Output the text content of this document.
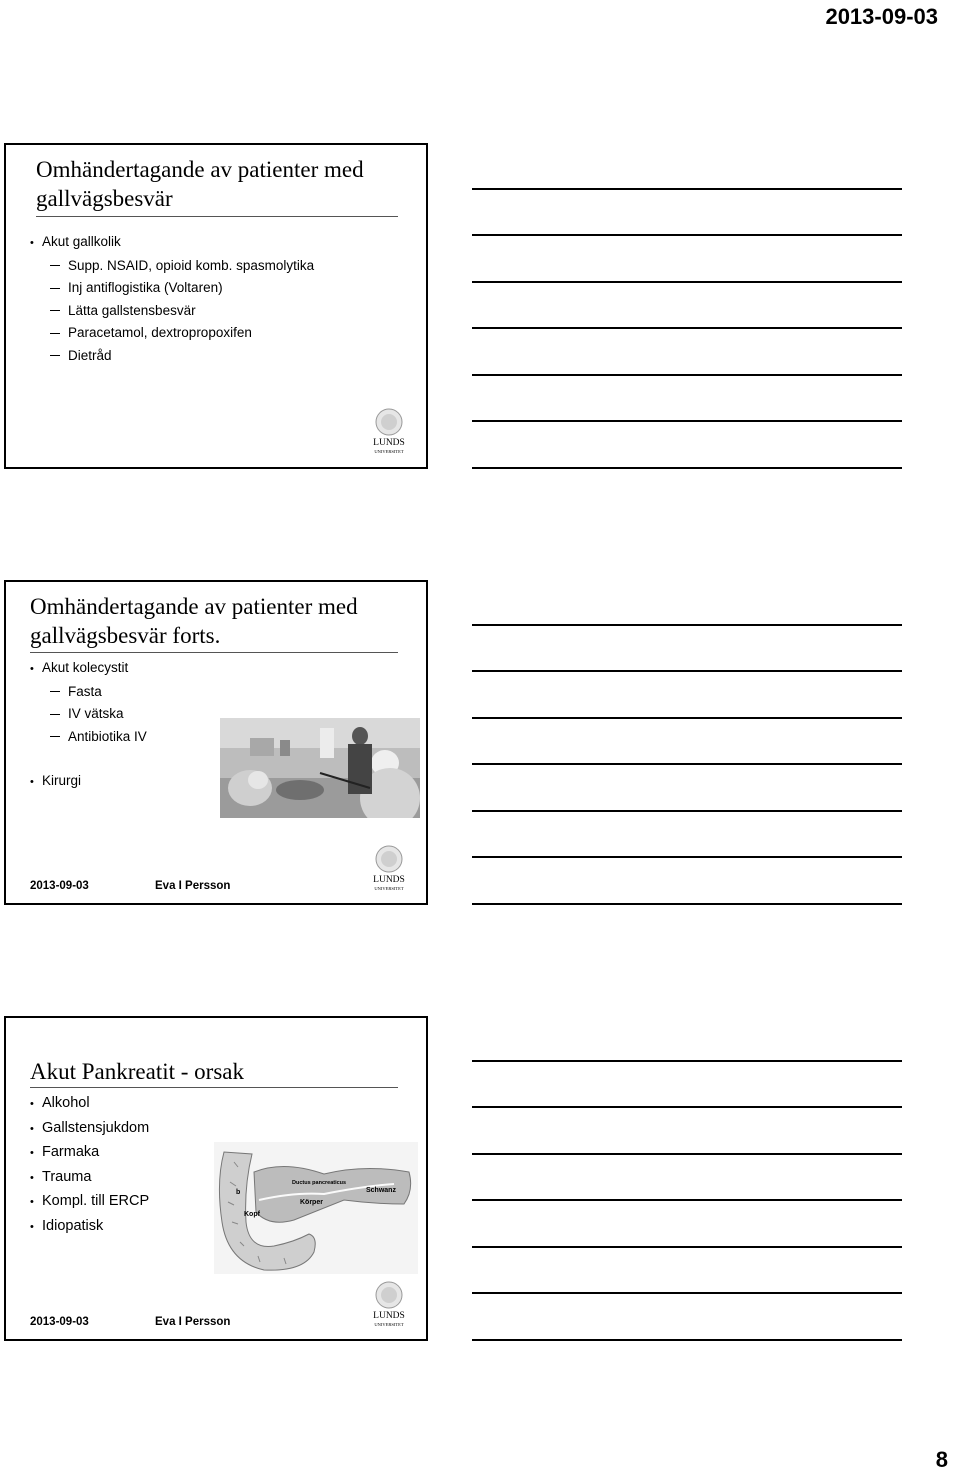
2013-09-03
Omhändertagande av patienter med
gallvägsbesvär
• Akut gallkolik
Supp. NSAID, opioid komb. spasmolytika
Inj antiflogistika (Voltaren)
Lätta gallstensbesvär
Paracetamol, dextropropoxifen
Dietråd
LUNDS
UNIVERSITET
Omhändertagande av patienter med
gallvägsbesvär forts.
• Akut kolecystit
Fasta
IV vätska
Antibiotika IV
• Kirurgi
2013-09-03	Eva I Persson	LUNDS
UNIVERSITET
Akut Pankreatit - orsak
• Alkohol
• Gallstensjukdom
• Farmaka
• Trauma
• Kompl. till ERCP
• Idiopatisk
b
Ductus pancreaticus
Schwanz
Körper
Kopf
2013-09-03	Eva I Persson	LUNDS
UNIVERSITET
8
